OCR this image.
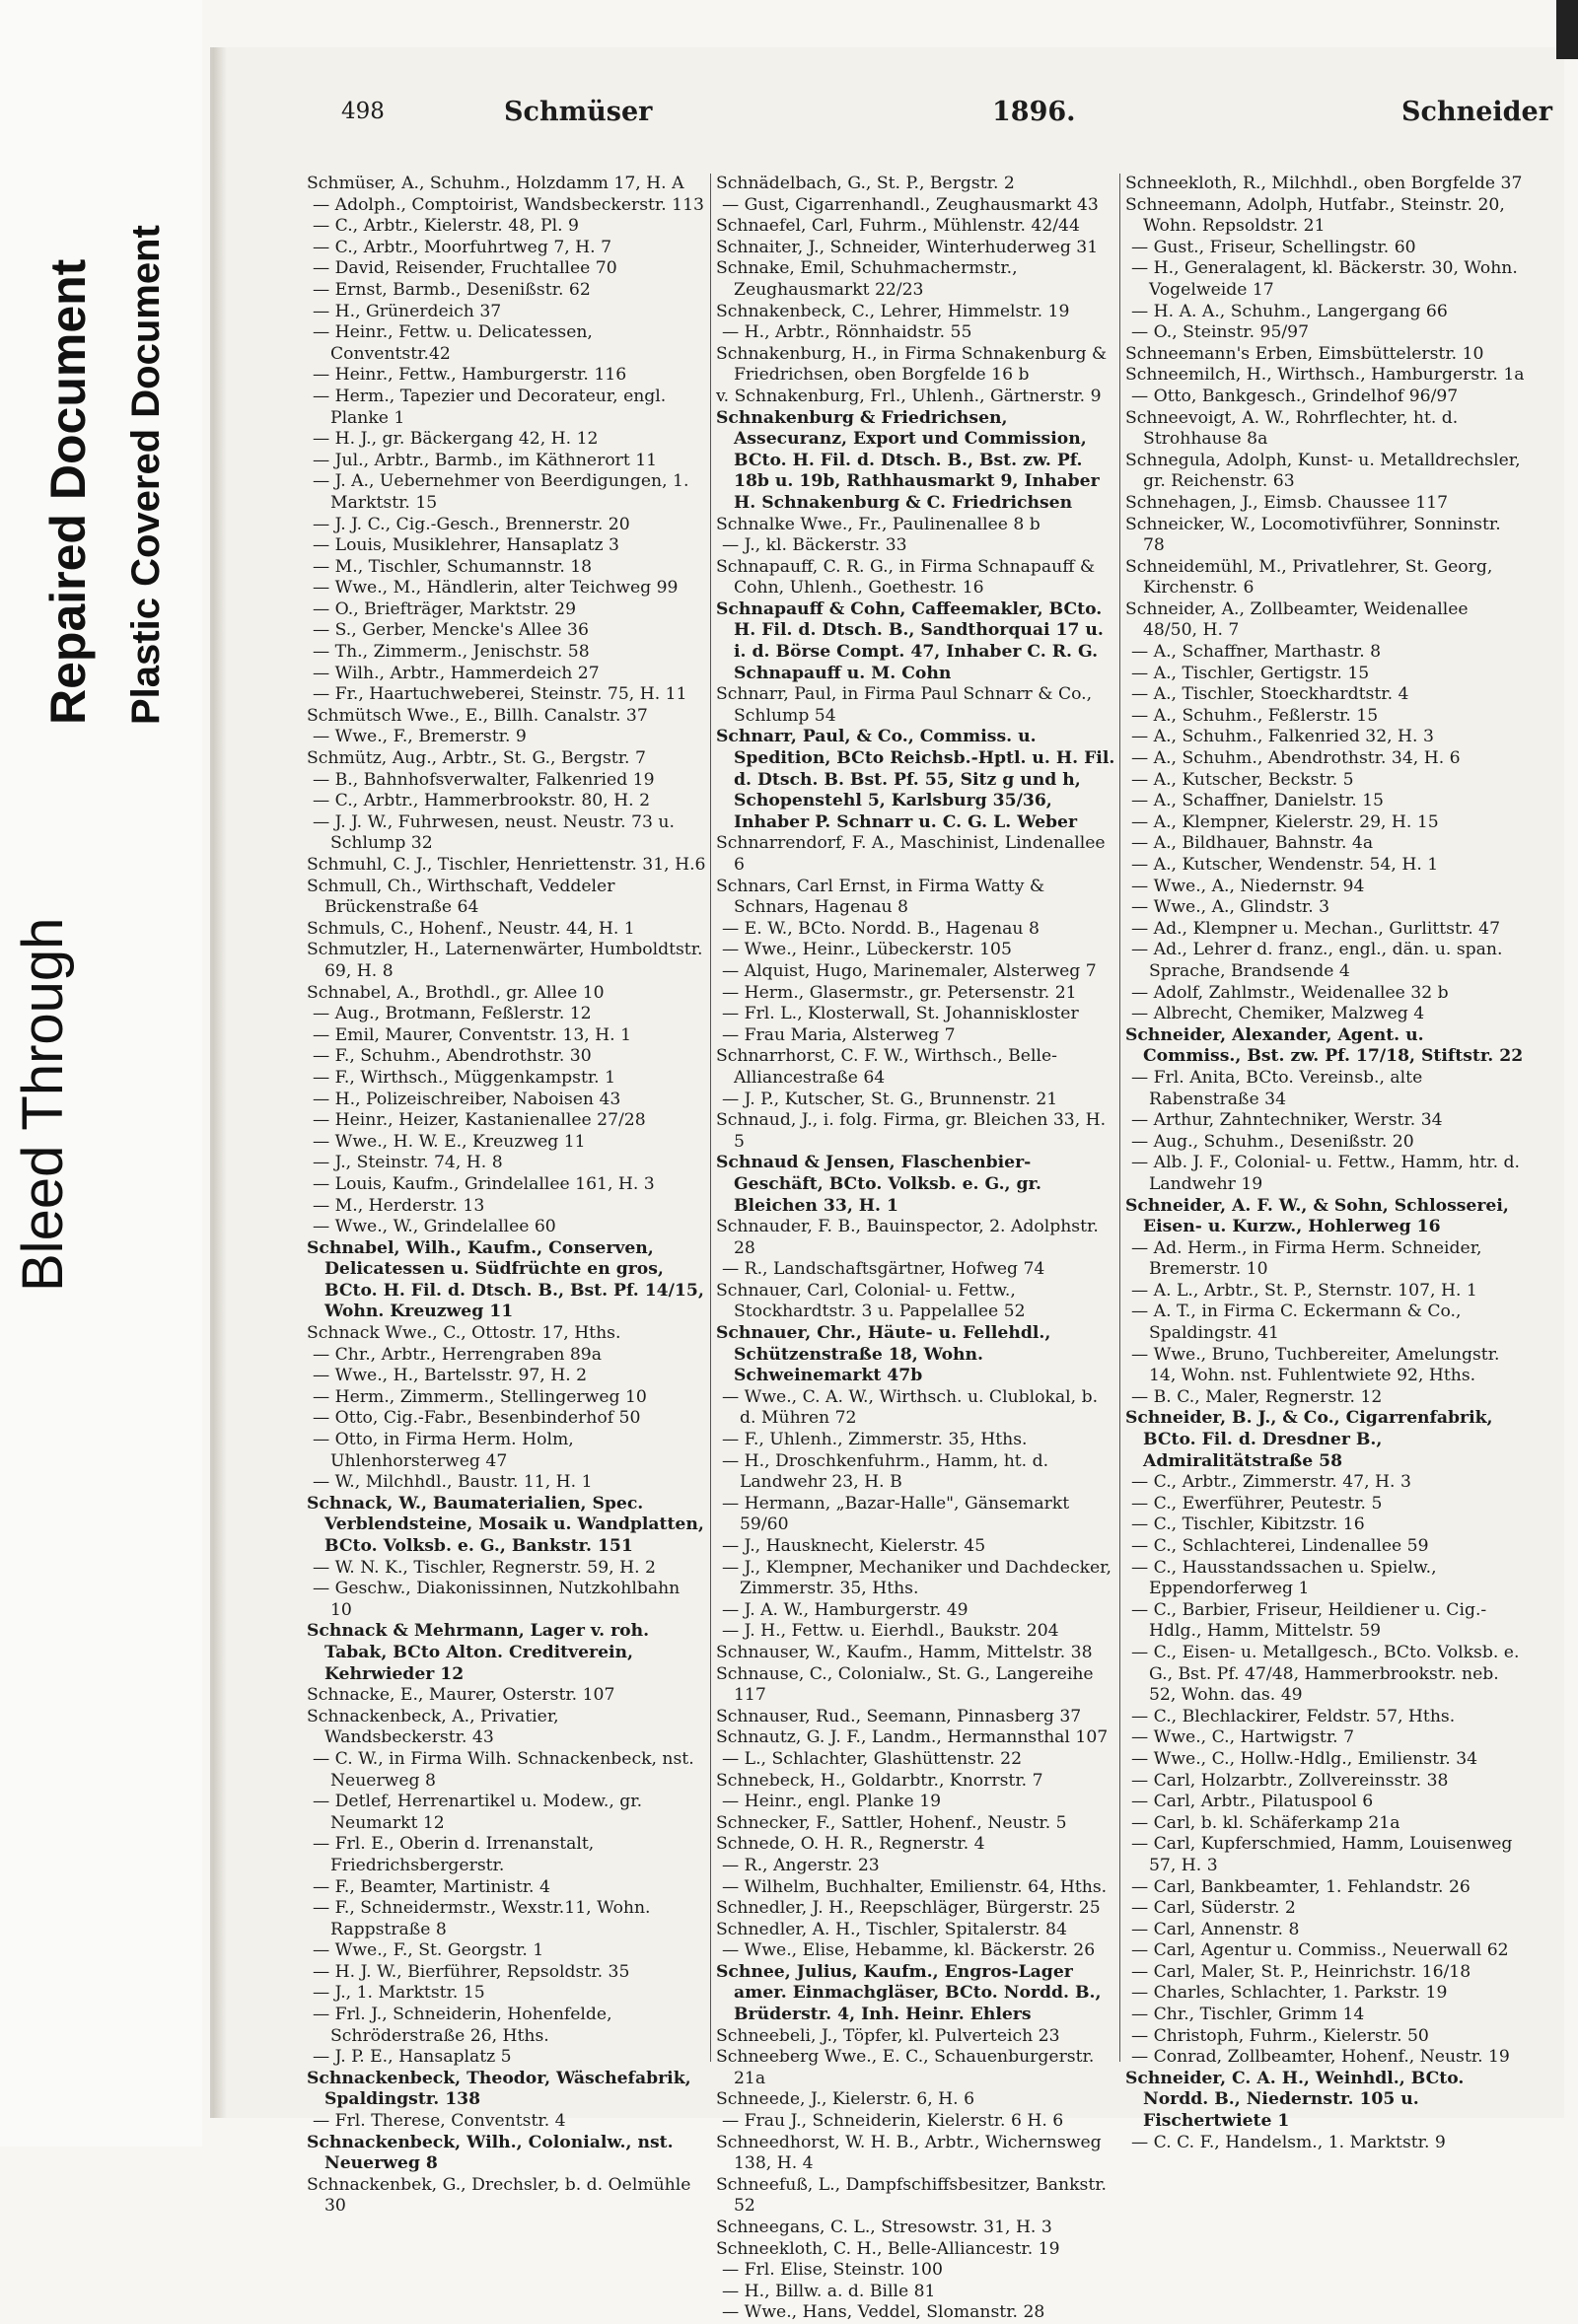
Bleed Through
Repaired Document Plastic Covered Document
498	Schmüser	1896.	Schneider

Schmüser, A., Schuhm., Holzdamm 17, H. A

— Adolph., Comptoirist, Wandsbeckerstr. 113

— C., Arbtr., Kielerstr. 48, Pl. 9

— C., Arbtr., Moorfuhrtweg 7, H. 7

— David, Reisender, Fruchtallee 70

— Ernst, Barmb., Desenißstr. 62

— H., Grünerdeich 37

— Heinr., Fettw. u. Delicatessen, Conventstr.42

— Heinr., Fettw., Hamburgerstr. 116

— Herm., Tapezier und Decorateur, engl. Planke 1

— H. J., gr. Bäckergang 42, H. 12

— Jul., Arbtr., Barmb., im Käthnerort 11

— J. A., Uebernehmer von Beerdigungen, 1. Marktstr. 15

— J. J. C., Cig.-Gesch., Brennerstr. 20

— Louis, Musiklehrer, Hansaplatz 3

— M., Tischler, Schumannstr. 18

— Wwe., M., Händlerin, alter Teichweg 99

— O., Briefträger, Marktstr. 29

— S., Gerber, Mencke's Allee 36

— Th., Zimmerm., Jenischstr. 58

— Wilh., Arbtr., Hammerdeich 27

— Fr., Haartuchweberei, Steinstr. 75, H. 11

Schmütsch Wwe., E., Billh. Canalstr. 37

— Wwe., F., Bremerstr. 9

Schmütz, Aug., Arbtr., St. G., Bergstr. 7

— B., Bahnhofsverwalter, Falkenried 19

— C., Arbtr., Hammerbrookstr. 80, H. 2

— J. J. W., Fuhrwesen, neust. Neustr. 73 u. Schlump 32

Schmuhl, C. J., Tischler, Henriettenstr. 31, H.6

Schmull, Ch., Wirthschaft, Veddeler Brückenstraße 64

Schmuls, C., Hohenf., Neustr. 44, H. 1

Schmutzler, H., Laternenwärter, Humboldtstr. 69, H. 8

Schnabel, A., Brothdl., gr. Allee 10

— Aug., Brotmann, Feßlerstr. 12

— Emil, Maurer, Conventstr. 13, H. 1

— F., Schuhm., Abendrothstr. 30

— F., Wirthsch., Müggenkampstr. 1

— H., Polizeischreiber, Naboisen 43

— Heinr., Heizer, Kastanienallee 27/28

— Wwe., H. W. E., Kreuzweg 11

— J., Steinstr. 74, H. 8

— Louis, Kaufm., Grindelallee 161, H. 3

— M., Herderstr. 13

— Wwe., W., Grindelallee 60

Schnabel, Wilh., Kaufm., Conserven, Delicatessen u. Südfrüchte en gros, BCto. H. Fil. d. Dtsch. B., Bst. Pf. 14/15, Wohn. Kreuzweg 11

Schnack Wwe., C., Ottostr. 17, Hths.

— Chr., Arbtr., Herrengraben 89a

— Wwe., H., Bartelsstr. 97, H. 2

— Herm., Zimmerm., Stellingerweg 10

— Otto, Cig.-Fabr., Besenbinderhof 50

— Otto, in Firma Herm. Holm, Uhlenhorsterweg 47

— W., Milchhdl., Baustr. 11, H. 1

Schnack, W., Baumaterialien, Spec. Verblendsteine, Mosaik u. Wandplatten, BCto. Volksb. e. G., Bankstr. 151

— W. N. K., Tischler, Regnerstr. 59, H. 2

— Geschw., Diakonissinnen, Nutzkohlbahn 10

Schnack & Mehrmann, Lager v. roh. Tabak, BCto Alton. Creditverein, Kehrwieder 12

Schnacke, E., Maurer, Osterstr. 107

Schnackenbeck, A., Privatier, Wandsbeckerstr. 43

— C. W., in Firma Wilh. Schnackenbeck, nst. Neuerweg 8

— Detlef, Herrenartikel u. Modew., gr. Neumarkt 12

— Frl. E., Oberin d. Irrenanstalt, Friedrichsbergerstr.

— F., Beamter, Martinistr. 4

— F., Schneidermstr., Wexstr.11, Wohn. Rappstraße 8

— Wwe., F., St. Georgstr. 1

— H. J. W., Bierführer, Repsoldstr. 35

— J., 1. Marktstr. 15

— Frl. J., Schneiderin, Hohenfelde, Schröderstraße 26, Hths.

— J. P. E., Hansaplatz 5

Schnackenbeck, Theodor, Wäschefabrik, Spaldingstr. 138

— Frl. Therese, Conventstr. 4

Schnackenbeck, Wilh., Colonialw., nst. Neuerweg 8

Schnackenbek, G., Drechsler, b. d. Oelmühle 30

Schnädelbach, G., St. P., Bergstr. 2

— Gust, Cigarrenhandl., Zeughausmarkt 43

Schnaefel, Carl, Fuhrm., Mühlenstr. 42/44

Schnaiter, J., Schneider, Winterhuderweg 31

Schnake, Emil, Schuhmachermstr., Zeughausmarkt 22/23

Schnakenbeck, C., Lehrer, Himmelstr. 19

— H., Arbtr., Rönnhaidstr. 55

Schnakenburg, H., in Firma Schnakenburg & Friedrichsen, oben Borgfelde 16 b

v. Schnakenburg, Frl., Uhlenh., Gärtnerstr. 9

Schnakenburg & Friedrichsen, Assecuranz, Export und Commission, BCto. H. Fil. d. Dtsch. B., Bst. zw. Pf. 18b u. 19b, Rathhausmarkt 9, Inhaber H. Schnakenburg & C. Friedrichsen

Schnalke Wwe., Fr., Paulinenallee 8 b

— J., kl. Bäckerstr. 33

Schnapauff, C. R. G., in Firma Schnapauff & Cohn, Uhlenh., Goethestr. 16

Schnapauff & Cohn, Caffeemakler, BCto. H. Fil. d. Dtsch. B., Sandthorquai 17 u. i. d. Börse Compt. 47, Inhaber C. R. G. Schnapauff u. M. Cohn

Schnarr, Paul, in Firma Paul Schnarr & Co., Schlump 54

Schnarr, Paul, & Co., Commiss. u. Spedition, BCto Reichsb.-Hptl. u. H. Fil. d. Dtsch. B. Bst. Pf. 55, Sitz g und h, Schopenstehl 5, Karlsburg 35/36, Inhaber P. Schnarr u. C. G. L. Weber

Schnarrendorf, F. A., Maschinist, Lindenallee 6

Schnars, Carl Ernst, in Firma Watty & Schnars, Hagenau 8

— E. W., BCto. Nordd. B., Hagenau 8

— Wwe., Heinr., Lübeckerstr. 105

— Alquist, Hugo, Marinemaler, Alsterweg 7

— Herm., Glasermstr., gr. Petersenstr. 21

— Frl. L., Klosterwall, St. Johanniskloster

— Frau Maria, Alsterweg 7

Schnarrhorst, C. F. W., Wirthsch., Belle-Alliancestraße 64

— J. P., Kutscher, St. G., Brunnenstr. 21

Schnaud, J., i. folg. Firma, gr. Bleichen 33, H. 5

Schnaud & Jensen, Flaschenbier-Geschäft, BCto. Volksb. e. G., gr. Bleichen 33, H. 1

Schnauder, F. B., Bauinspector, 2. Adolphstr. 28

— R., Landschaftsgärtner, Hofweg 74

Schnauer, Carl, Colonial- u. Fettw., Stockhardtstr. 3 u. Pappelallee 52

Schnauer, Chr., Häute- u. Fellehdl., Schützenstraße 18, Wohn. Schweinemarkt 47b

— Wwe., C. A. W., Wirthsch. u. Clublokal, b. d. Mühren 72

— F., Uhlenh., Zimmerstr. 35, Hths.

— H., Droschkenfuhrm., Hamm, ht. d. Landwehr 23, H. B

— Hermann, „Bazar-Halle", Gänsemarkt 59/60

— J., Hausknecht, Kielerstr. 45

— J., Klempner, Mechaniker und Dachdecker, Zimmerstr. 35, Hths.

— J. A. W., Hamburgerstr. 49

— J. H., Fettw. u. Eierhdl., Baukstr. 204

Schnauser, W., Kaufm., Hamm, Mittelstr. 38

Schnause, C., Colonialw., St. G., Langereihe 117

Schnauser, Rud., Seemann, Pinnasberg 37

Schnautz, G. J. F., Landm., Hermannsthal 107

— L., Schlachter, Glashüttenstr. 22

Schnebeck, H., Goldarbtr., Knorrstr. 7

— Heinr., engl. Planke 19

Schnecker, F., Sattler, Hohenf., Neustr. 5

Schnede, O. H. R., Regnerstr. 4

— R., Angerstr. 23

— Wilhelm, Buchhalter, Emilienstr. 64, Hths.

Schnedler, J. H., Reepschläger, Bürgerstr. 25

Schnedler, A. H., Tischler, Spitalerstr. 84

— Wwe., Elise, Hebamme, kl. Bäckerstr. 26

Schnee, Julius, Kaufm., Engros-Lager amer. Einmachgläser, BCto. Nordd. B., Brüderstr. 4, Inh. Heinr. Ehlers

Schneebeli, J., Töpfer, kl. Pulverteich 23

Schneeberg Wwe., E. C., Schauenburgerstr. 21a

Schneede, J., Kielerstr. 6, H. 6

— Frau J., Schneiderin, Kielerstr. 6 H. 6

Schneedhorst, W. H. B., Arbtr., Wichernsweg 138, H. 4

Schneefuß, L., Dampfschiffsbesitzer, Bankstr. 52

Schneegans, C. L., Stresowstr. 31, H. 3

Schneekloth, C. H., Belle-Alliancestr. 19

— Frl. Elise, Steinstr. 100

— H., Billw. a. d. Bille 81

— Wwe., Hans, Veddel, Slomanstr. 28

Schneekloth, R., Milchhdl., oben Borgfelde 37

Schneemann, Adolph, Hutfabr., Steinstr. 20, Wohn. Repsoldstr. 21

— Gust., Friseur, Schellingstr. 60

— H., Generalagent, kl. Bäckerstr. 30, Wohn. Vogelweide 17

— H. A. A., Schuhm., Langergang 66

— O., Steinstr. 95/97

Schneemann's Erben, Eimsbüttelerstr. 10

Schneemilch, H., Wirthsch., Hamburgerstr. 1a

— Otto, Bankgesch., Grindelhof 96/97

Schneevoigt, A. W., Rohrflechter, ht. d. Strohhause 8a

Schnegula, Adolph, Kunst- u. Metalldrechsler, gr. Reichenstr. 63

Schnehagen, J., Eimsb. Chaussee 117

Schneicker, W., Locomotivführer, Sonninstr. 78

Schneidemühl, M., Privatlehrer, St. Georg, Kirchenstr. 6

Schneider, A., Zollbeamter, Weidenallee 48/50, H. 7

— A., Schaffner, Marthastr. 8

— A., Tischler, Gertigstr. 15

— A., Tischler, Stoeckhardtstr. 4

— A., Schuhm., Feßlerstr. 15

— A., Schuhm., Falkenried 32, H. 3

— A., Schuhm., Abendrothstr. 34, H. 6

— A., Kutscher, Beckstr. 5

— A., Schaffner, Danielstr. 15

— A., Klempner, Kielerstr. 29, H. 15

— A., Bildhauer, Bahnstr. 4a

— A., Kutscher, Wendenstr. 54, H. 1

— Wwe., A., Niedernstr. 94

— Wwe., A., Glindstr. 3

— Ad., Klempner u. Mechan., Gurlittstr. 47

— Ad., Lehrer d. franz., engl., dän. u. span. Sprache, Brandsende 4

— Adolf, Zahlmstr., Weidenallee 32 b

— Albrecht, Chemiker, Malzweg 4

Schneider, Alexander, Agent. u. Commiss., Bst. zw. Pf. 17/18, Stiftstr. 22

— Frl. Anita, BCto. Vereinsb., alte Rabenstraße 34

— Arthur, Zahntechniker, Werstr. 34

— Aug., Schuhm., Desenißstr. 20

— Alb. J. F., Colonial- u. Fettw., Hamm, htr. d. Landwehr 19

Schneider, A. F. W., & Sohn, Schlosserei, Eisen- u. Kurzw., Hohlerweg 16

— Ad. Herm., in Firma Herm. Schneider, Bremerstr. 10

— A. L., Arbtr., St. P., Sternstr. 107, H. 1

— A. T., in Firma C. Eckermann & Co., Spaldingstr. 41

— Wwe., Bruno, Tuchbereiter, Amelungstr. 14, Wohn. nst. Fuhlentwiete 92, Hths.

— B. C., Maler, Regnerstr. 12

Schneider, B. J., & Co., Cigarrenfabrik, BCto. Fil. d. Dresdner B., Admiralitätstraße 58

— C., Arbtr., Zimmerstr. 47, H. 3

— C., Ewerführer, Peutestr. 5

— C., Tischler, Kibitzstr. 16

— C., Schlachterei, Lindenallee 59

— C., Hausstandssachen u. Spielw., Eppendorferweg 1

— C., Barbier, Friseur, Heildiener u. Cig.-Hdlg., Hamm, Mittelstr. 59

— C., Eisen- u. Metallgesch., BCto. Volksb. e. G., Bst. Pf. 47/48, Hammerbrookstr. neb. 52, Wohn. das. 49

— C., Blechlackirer, Feldstr. 57, Hths.

— Wwe., C., Hartwigstr. 7

— Wwe., C., Hollw.-Hdlg., Emilienstr. 34

— Carl, Holzarbtr., Zollvereinsstr. 38

— Carl, Arbtr., Pilatuspool 6

— Carl, b. kl. Schäferkamp 21a

— Carl, Kupferschmied, Hamm, Louisenweg 57, H. 3

— Carl, Bankbeamter, 1. Fehlandstr. 26

— Carl, Süderstr. 2

— Carl, Annenstr. 8

— Carl, Agentur u. Commiss., Neuerwall 62

— Carl, Maler, St. P., Heinrichstr. 16/18

— Charles, Schlachter, 1. Parkstr. 19

— Chr., Tischler, Grimm 14

— Christoph, Fuhrm., Kielerstr. 50

— Conrad, Zollbeamter, Hohenf., Neustr. 19

Schneider, C. A. H., Weinhdl., BCto. Nordd. B., Niedernstr. 105 u. Fischertwiete 1

— C. C. F., Handelsm., 1. Marktstr. 9
